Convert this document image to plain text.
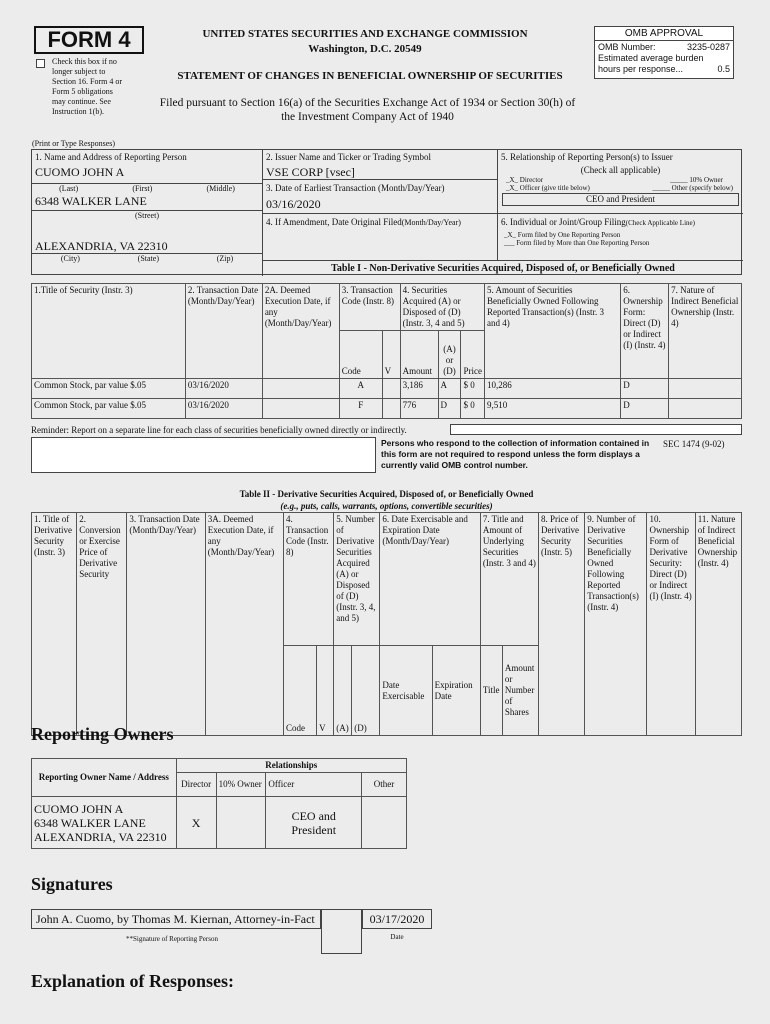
FORM 4
Check this box if no
longer subject to
Section 16. Form 4 or
Form 5 obligations
may continue. See
Instruction 1(b).
UNITED STATES SECURITIES AND EXCHANGE COMMISSION
Washington, D.C. 20549
STATEMENT OF CHANGES IN BENEFICIAL OWNERSHIP OF SECURITIES
Filed pursuant to Section 16(a) of the Securities Exchange Act of 1934 or Section 30(h) of
the Investment Company Act of 1940
OMB APPROVAL
OMB Number:	3235-0287
Estimated average burden
hours per response...	0.5
(Print or Type Responses)
1. Name and Address of Reporting Person
CUOMO JOHN A
(Last)	(First)	(Middle)
6348 WALKER LANE
(Street)
ALEXANDRIA, VA 22310
(City)	(State)	(Zip)
2. Issuer Name and Ticker or Trading Symbol
VSE CORP [vsec]
3. Date of Earliest Transaction (Month/Day/Year)
03/16/2020
4. If Amendment, Date Original Filed(Month/Day/Year)
5. Relationship of Reporting Person(s) to Issuer
(Check all applicable)
_X_ Director	_____ 10% Owner
_X_ Officer (give title below)	_____ Other (specify below)
CEO and President
6. Individual or Joint/Group Filing(Check Applicable Line)
_X_ Form filed by One Reporting Person
___ Form filed by More than One Reporting Person
Table I - Non-Derivative Securities Acquired, Disposed of, or Beneficially Owned
1.Title of Security (Instr. 3)	2. Transaction Date (Month/Day/Year)	2A. Deemed Execution Date, if any (Month/Day/Year)	3. Transaction Code (Instr. 8)		4. Securities Acquired (A) or Disposed of (D) (Instr. 3, 4 and 5)			5. Amount of Securities Beneficially Owned Following Reported Transaction(s) (Instr. 3 and 4)	6. Ownership Form: Direct (D) or Indirect (I) (Instr. 4)	7. Nature of Indirect Beneficial Ownership (Instr. 4)
			Code	V	Amount	(A) or (D)	Price			
Common Stock, par value $.05	03/16/2020		A		3,186	A	$ 0	10,286	D	
Common Stock, par value $.05	03/16/2020		F		776	D	$ 0	9,510	D	
Reminder: Report on a separate line for each class of securities beneficially owned directly or indirectly.
Persons who respond to the collection of information contained in this form are not required to respond unless the form displays a currently valid OMB control number.
SEC 1474 (9-02)
Table II - Derivative Securities Acquired, Disposed of, or Beneficially Owned
(e.g., puts, calls, warrants, options, convertible securities)
1. Title of Derivative Security (Instr. 3)	2. Conversion or Exercise Price of Derivative Security	3. Transaction Date (Month/Day/Year)	3A. Deemed Execution Date, if any (Month/Day/Year)	4. Transaction Code (Instr. 8)		5. Number of Derivative Securities Acquired (A) or Disposed of (D) (Instr. 3, 4, and 5)		6. Date Exercisable and Expiration Date (Month/Day/Year)		7. Title and Amount of Underlying Securities (Instr. 3 and 4)		8. Price of Derivative Security (Instr. 5)	9. Number of Derivative Securities Beneficially Owned Following Reported Transaction(s) (Instr. 4)	10. Ownership Form of Derivative Security: Direct (D) or Indirect (I) (Instr. 4)	11. Nature of Indirect Beneficial Ownership (Instr. 4)
				Code	V	(A)	(D)	Date Exercisable	Expiration Date	Title	Amount or Number of Shares				
Reporting Owners
Reporting Owner Name / Address	Relationships			
	Director	10% Owner	Officer	Other

CUOMO JOHN A
6348 WALKER LANE
ALEXANDRIA, VA 22310	X		CEO and President	
Signatures
John A. Cuomo, by Thomas M. Kiernan, Attorney-in-Fact
**Signature of Reporting Person
03/17/2020
Date
Explanation of Responses:
